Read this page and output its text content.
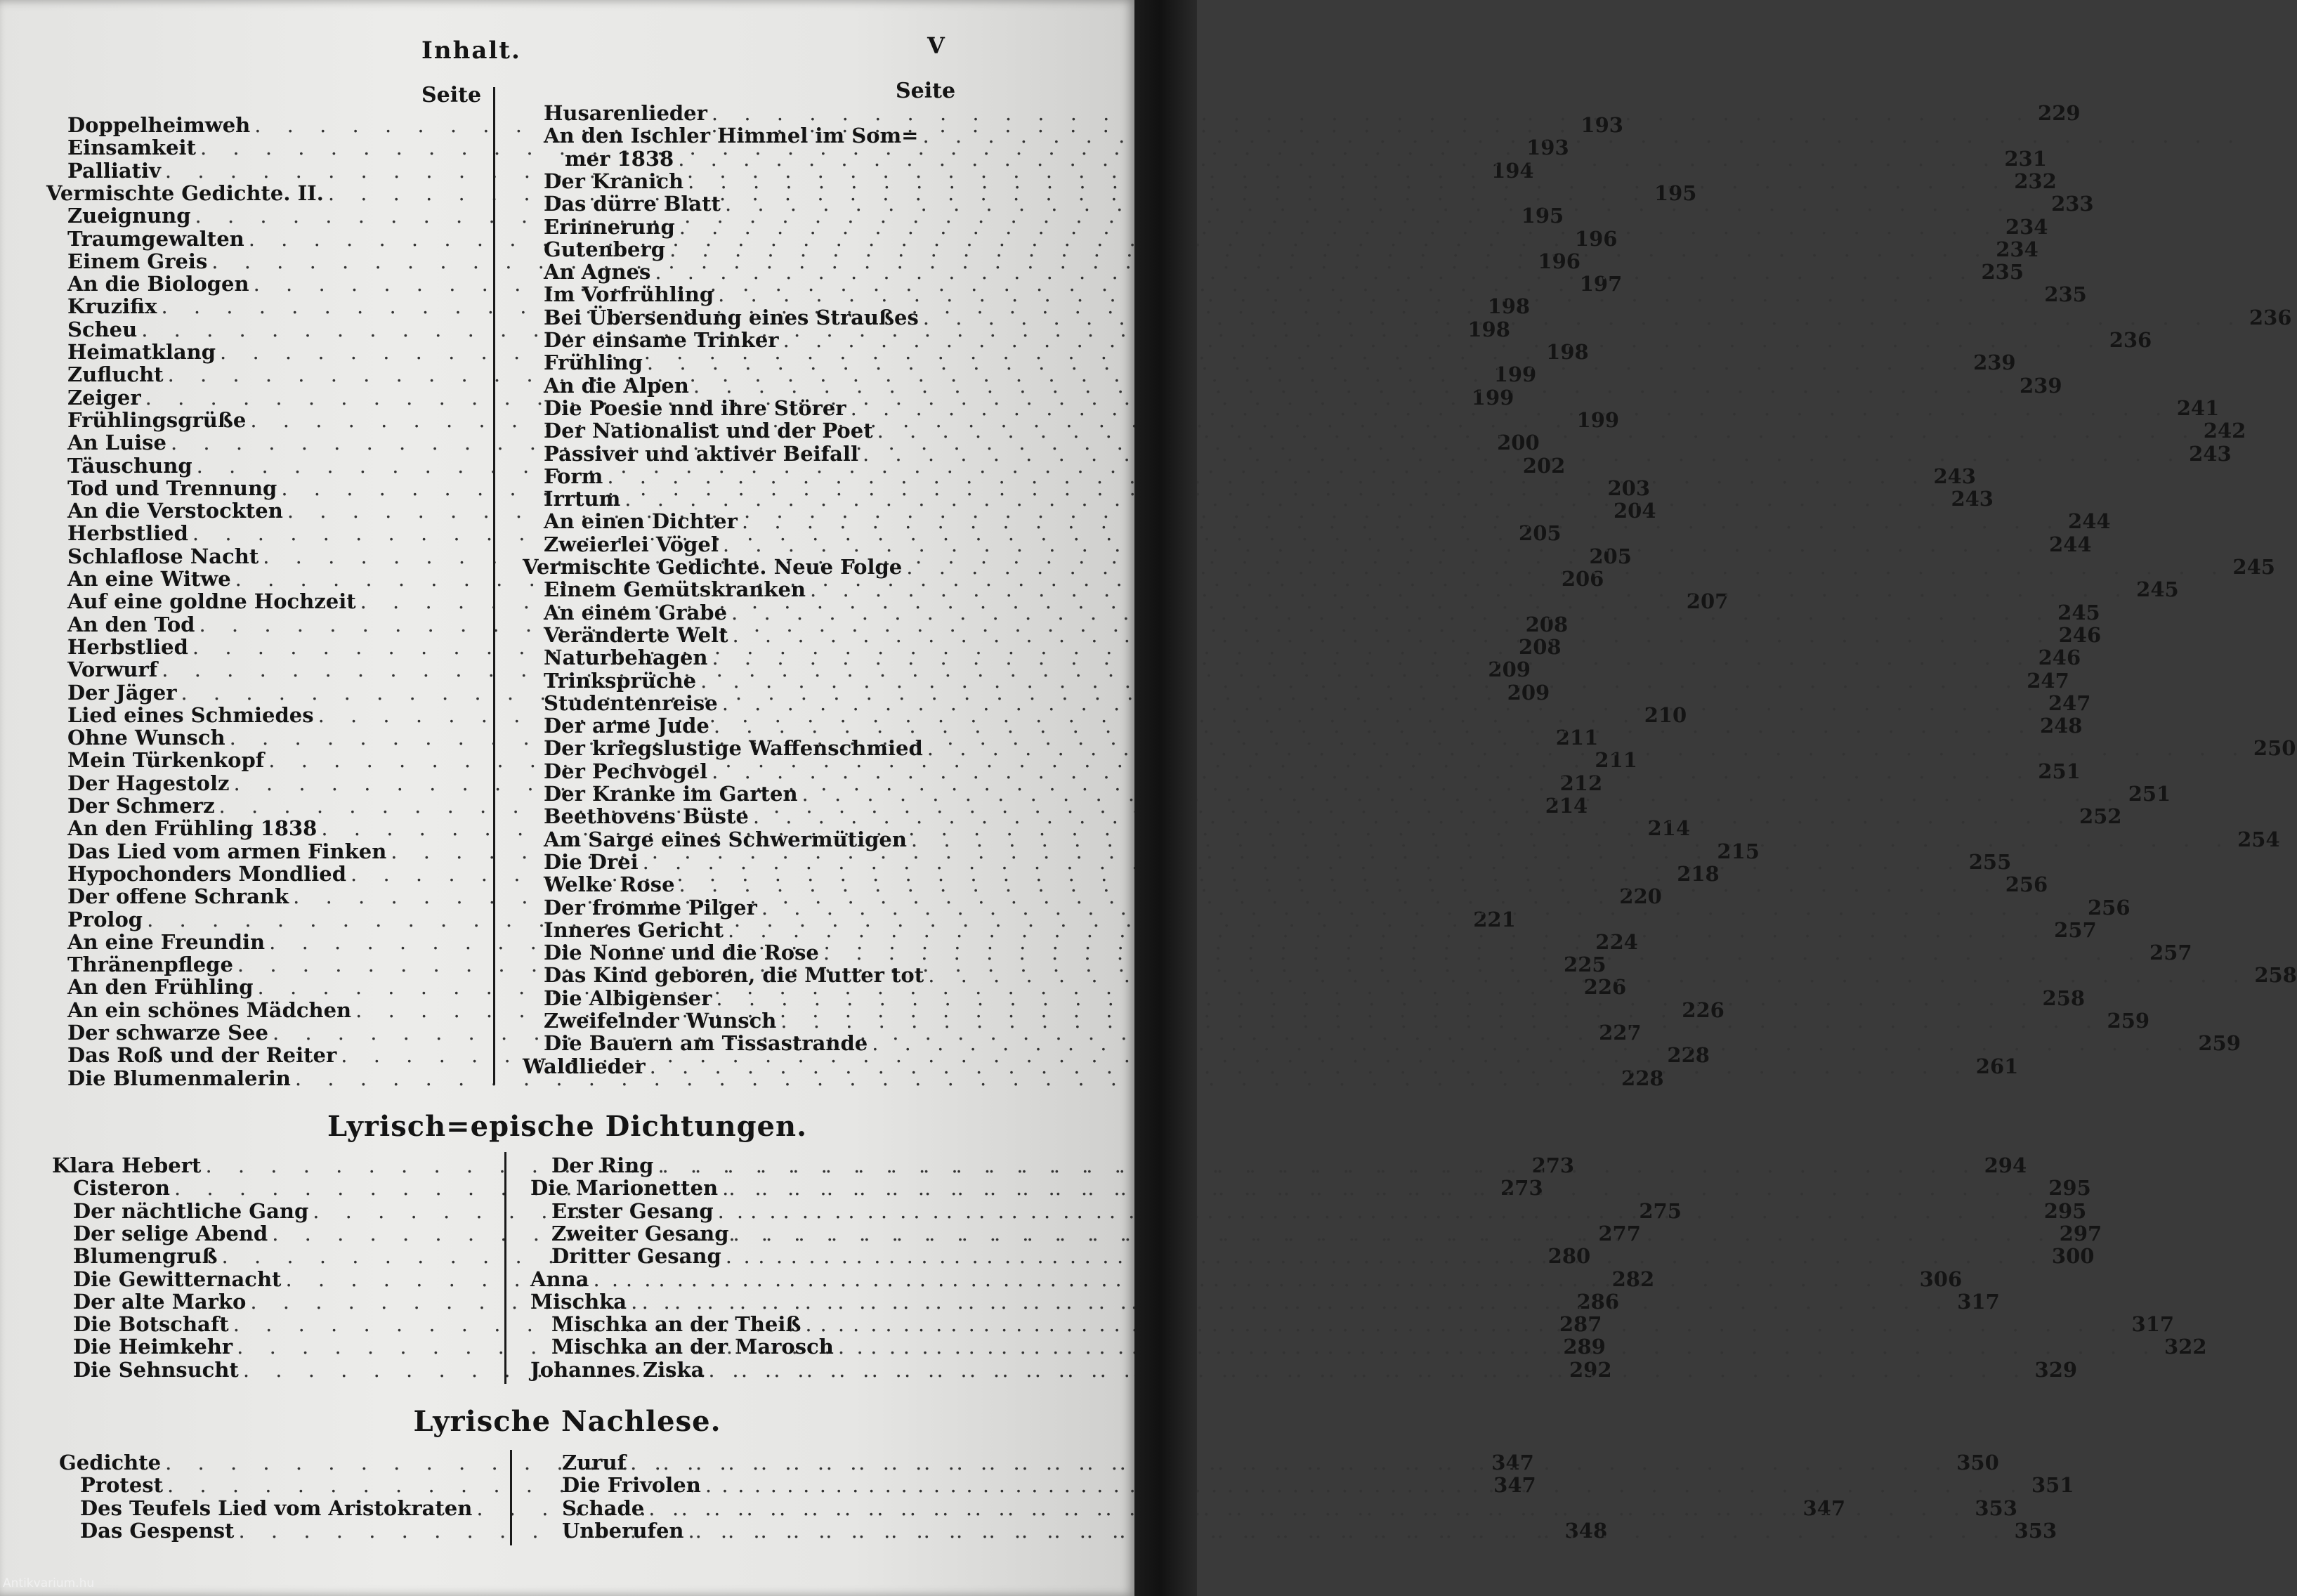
Inhalt.	V
Seite	Seite
Doppelheimweh . . .	193
Einsamkeit . . .	193
Palliativ . . .	194
Vermischte Gedichte. II. . . .	195
Zueignung . . .	195
Traumgewalten . . .	196
Einem Greis . . .	196
An die Biologen . . .	197
Kruzifix . . .	198
Scheu . . .	198
Heimatklang . . .	198
Zuflucht . . .	199
Zeiger . . .	199
Frühlingsgrüße . . .	199
An Luise . . .	200
Täuschung . . .	202
Tod und Trennung . . .	203
An die Verstockten . . .	204
Herbstlied . . .	205
Schlaflose Nacht . . .	205
An eine Witwe . . .	206
Auf eine goldne Hochzeit . . .	207
An den Tod . . .	208
Herbstlied . . .	208
Vorwurf . . .	209
Der Jäger . . .	209
Lied eines Schmiedes . . .	210
Ohne Wunsch . . .	211
Mein Türkenkopf . . .	211
Der Hagestolz . . .	212
Der Schmerz . . .	214
An den Frühling 1838 . . .	214
Das Lied vom armen Finken . . .	215
Hypochonders Mondlied . . .	218
Der offene Schrank . . .	220
Prolog . . .	221
An eine Freundin . . .	224
Thränenpflege . . .	225
An den Frühling . . .	226
An ein schönes Mädchen . . .	226
Der schwarze See . . .	227
Das Roß und der Reiter . . .	228
Die Blumenmalerin . . .	228
Husarenlieder . . .	229
An den Ischler Himmel im Som=
. . .
mer 1838 . . .	231
Der Kranich . . .	232
Das dürre Blatt . . .	233
Erinnerung . . .	234
Gutenberg . . .	234
An Agnes . . .	235
Im Vorfrühling . . .	235
Bei Übersendung eines Straußes . . .	236
Der einsame Trinker . . .	236
Frühling . . .	239
An die Alpen . . .	239
Die Poesie nnd ihre Störer . . .	241
Der Nationalist und der Poet . . .	242
Passiver und aktiver Beifall . . .	243
Form . . .	243
Irrtum . . .	243
An einen Dichter . . .	244
Zweierlei Vögel . . .	244
Vermischte Gedichte. Neue Folge . . .	245
Einem Gemütskranken . . .	245
An einem Grabe . . .	245
Veränderte Welt . . .	246
Naturbehagen . . .	246
Trinksprüche . . .	247
Studentenreise . . .	247
Der arme Jude . . .	248
Der kriegslustige Waffenschmied . . .	250
Der Pechvogel . . .	251
Der Kranke im Garten . . .	251
Beethovens Büste . . .	252
Am Sarge eines Schwermütigen . . .	254
Die Drei . . .	255
Welke Rose . . .	256
Der fromme Pilger . . .	256
Inneres Gericht . . .	257
Die Nonne und die Rose . . .	257
Das Kind geboren, die Mutter tot . . .	258
Die Albigenser . . .	258
Zweifelnder Wunsch . . .	259
Die Bauern am Tissastrande . . .	259
Waldlieder . . .	261
Lyrisch=epische Dichtungen.
Klara Hebert . . .	273
Cisteron . . .	273
Der nächtliche Gang . . .	275
Der selige Abend . . .	277
Blumengruß . . .	280
Die Gewitternacht . . .	282
Der alte Marko . . .	286
Die Botschaft . . .	287
Die Heimkehr . . .	289
Die Sehnsucht . . .	292
Der Ring . . .	294
Die Marionetten . . .	295
Erster Gesang . . .	295
Zweiter Gesang . . .	297
Dritter Gesang . . .	300
Anna . . .	306
Mischka . . .	317
Mischka an der Theiß . . .	317
Mischka an der Marosch . . .	322
Johannes Ziska . . .	329
Lyrische Nachlese.
Gedichte . . .	347
Protest . . .	347
Des Teufels Lied vom Aristokraten . . .	347
Das Gespenst . . .	348
Zuruf . . .	350
Die Frivolen . . .	351
Schade . . .	353
Unberufen . . .	353
Antikvarium.hu
